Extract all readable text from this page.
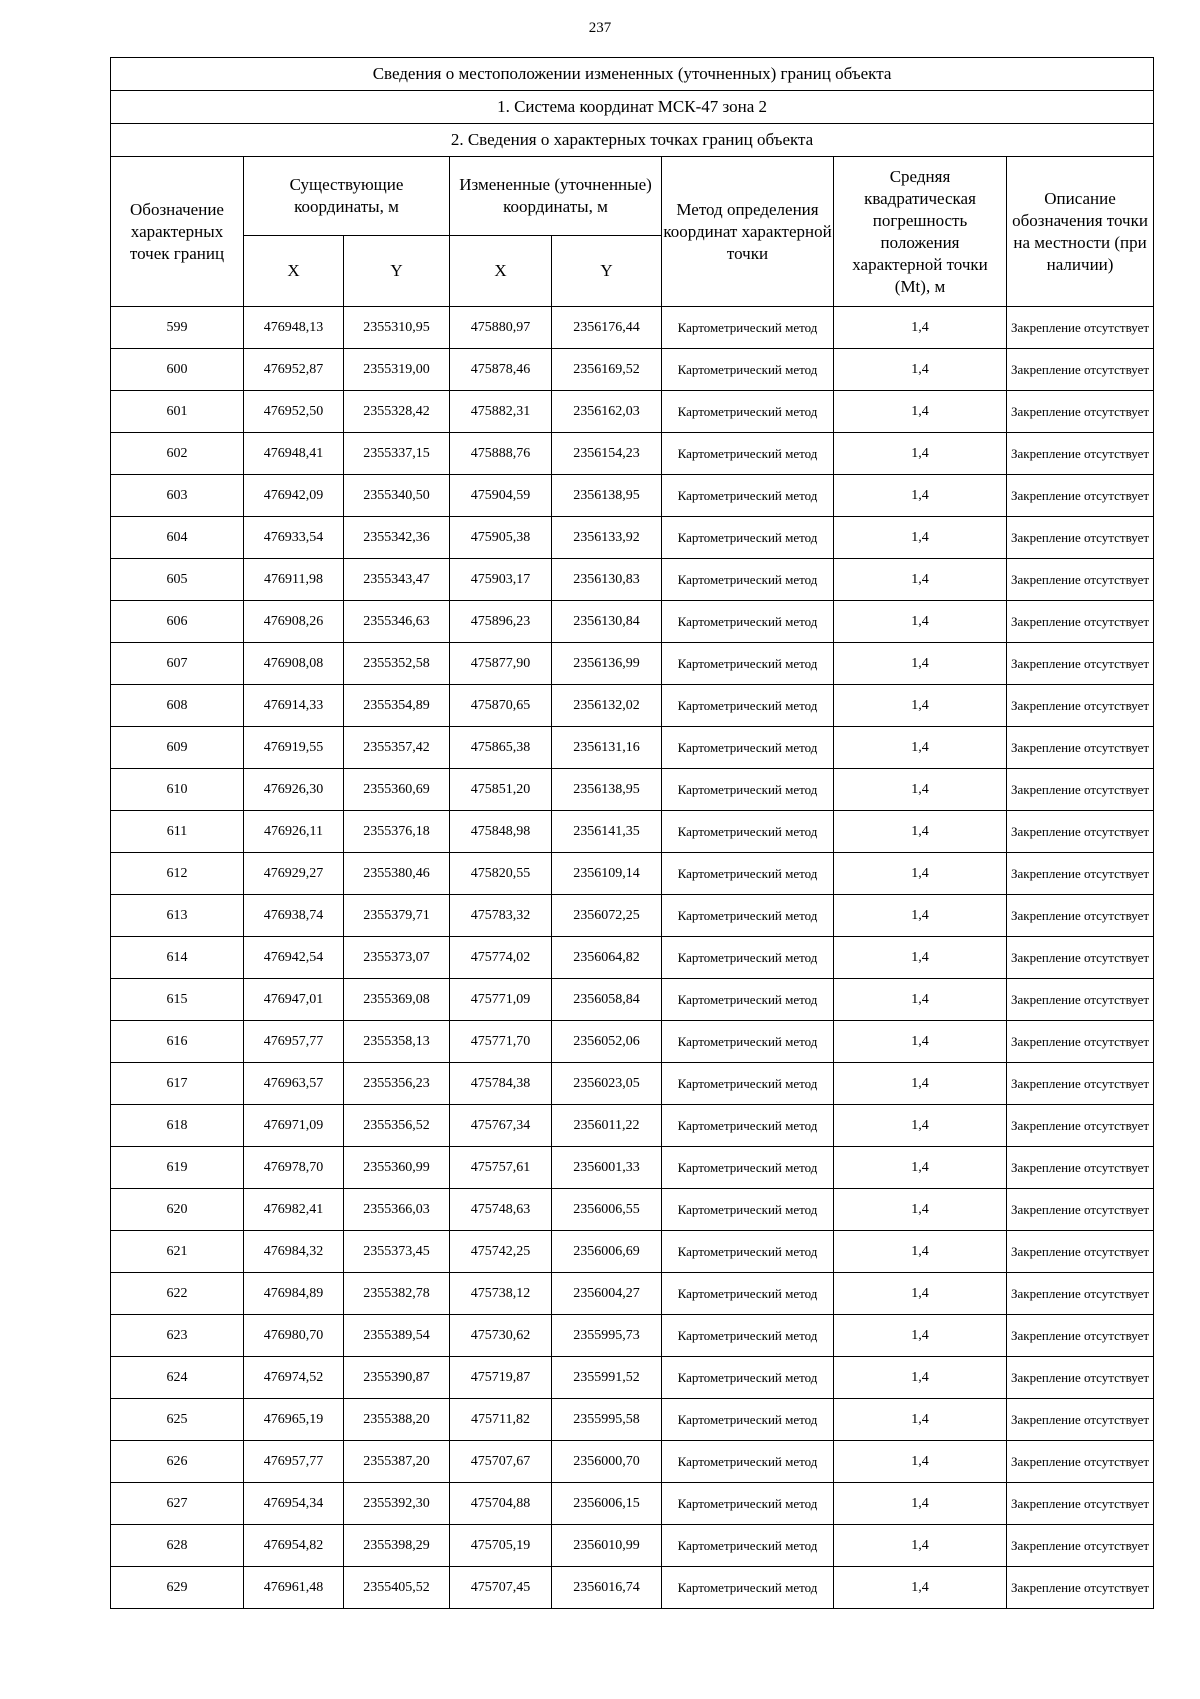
237
Сведения о местоположении измененных (уточненных) границ объекта							
1. Система координат МСК-47 зона 2							
2. Сведения о характерных точках границ объекта							
Обозначение характерных точек границ	Существующие координаты, м		Измененные (уточненные) координаты, м		Метод определения координат характерной точки	Средняя квадратическая погрешность положения характерной точки (Mt), м	Описание обозначения точки на местности (при наличии)
	X	Y	X	Y			
599	476948,13	2355310,95	475880,97	2356176,44	Картометрический метод	1,4	Закрепление отсутствует
600	476952,87	2355319,00	475878,46	2356169,52	Картометрический метод	1,4	Закрепление отсутствует
601	476952,50	2355328,42	475882,31	2356162,03	Картометрический метод	1,4	Закрепление отсутствует
602	476948,41	2355337,15	475888,76	2356154,23	Картометрический метод	1,4	Закрепление отсутствует
603	476942,09	2355340,50	475904,59	2356138,95	Картометрический метод	1,4	Закрепление отсутствует
604	476933,54	2355342,36	475905,38	2356133,92	Картометрический метод	1,4	Закрепление отсутствует
605	476911,98	2355343,47	475903,17	2356130,83	Картометрический метод	1,4	Закрепление отсутствует
606	476908,26	2355346,63	475896,23	2356130,84	Картометрический метод	1,4	Закрепление отсутствует
607	476908,08	2355352,58	475877,90	2356136,99	Картометрический метод	1,4	Закрепление отсутствует
608	476914,33	2355354,89	475870,65	2356132,02	Картометрический метод	1,4	Закрепление отсутствует
609	476919,55	2355357,42	475865,38	2356131,16	Картометрический метод	1,4	Закрепление отсутствует
610	476926,30	2355360,69	475851,20	2356138,95	Картометрический метод	1,4	Закрепление отсутствует
611	476926,11	2355376,18	475848,98	2356141,35	Картометрический метод	1,4	Закрепление отсутствует
612	476929,27	2355380,46	475820,55	2356109,14	Картометрический метод	1,4	Закрепление отсутствует
613	476938,74	2355379,71	475783,32	2356072,25	Картометрический метод	1,4	Закрепление отсутствует
614	476942,54	2355373,07	475774,02	2356064,82	Картометрический метод	1,4	Закрепление отсутствует
615	476947,01	2355369,08	475771,09	2356058,84	Картометрический метод	1,4	Закрепление отсутствует
616	476957,77	2355358,13	475771,70	2356052,06	Картометрический метод	1,4	Закрепление отсутствует
617	476963,57	2355356,23	475784,38	2356023,05	Картометрический метод	1,4	Закрепление отсутствует
618	476971,09	2355356,52	475767,34	2356011,22	Картометрический метод	1,4	Закрепление отсутствует
619	476978,70	2355360,99	475757,61	2356001,33	Картометрический метод	1,4	Закрепление отсутствует
620	476982,41	2355366,03	475748,63	2356006,55	Картометрический метод	1,4	Закрепление отсутствует
621	476984,32	2355373,45	475742,25	2356006,69	Картометрический метод	1,4	Закрепление отсутствует
622	476984,89	2355382,78	475738,12	2356004,27	Картометрический метод	1,4	Закрепление отсутствует
623	476980,70	2355389,54	475730,62	2355995,73	Картометрический метод	1,4	Закрепление отсутствует
624	476974,52	2355390,87	475719,87	2355991,52	Картометрический метод	1,4	Закрепление отсутствует
625	476965,19	2355388,20	475711,82	2355995,58	Картометрический метод	1,4	Закрепление отсутствует
626	476957,77	2355387,20	475707,67	2356000,70	Картометрический метод	1,4	Закрепление отсутствует
627	476954,34	2355392,30	475704,88	2356006,15	Картометрический метод	1,4	Закрепление отсутствует
628	476954,82	2355398,29	475705,19	2356010,99	Картометрический метод	1,4	Закрепление отсутствует
629	476961,48	2355405,52	475707,45	2356016,74	Картометрический метод	1,4	Закрепление отсутствует
